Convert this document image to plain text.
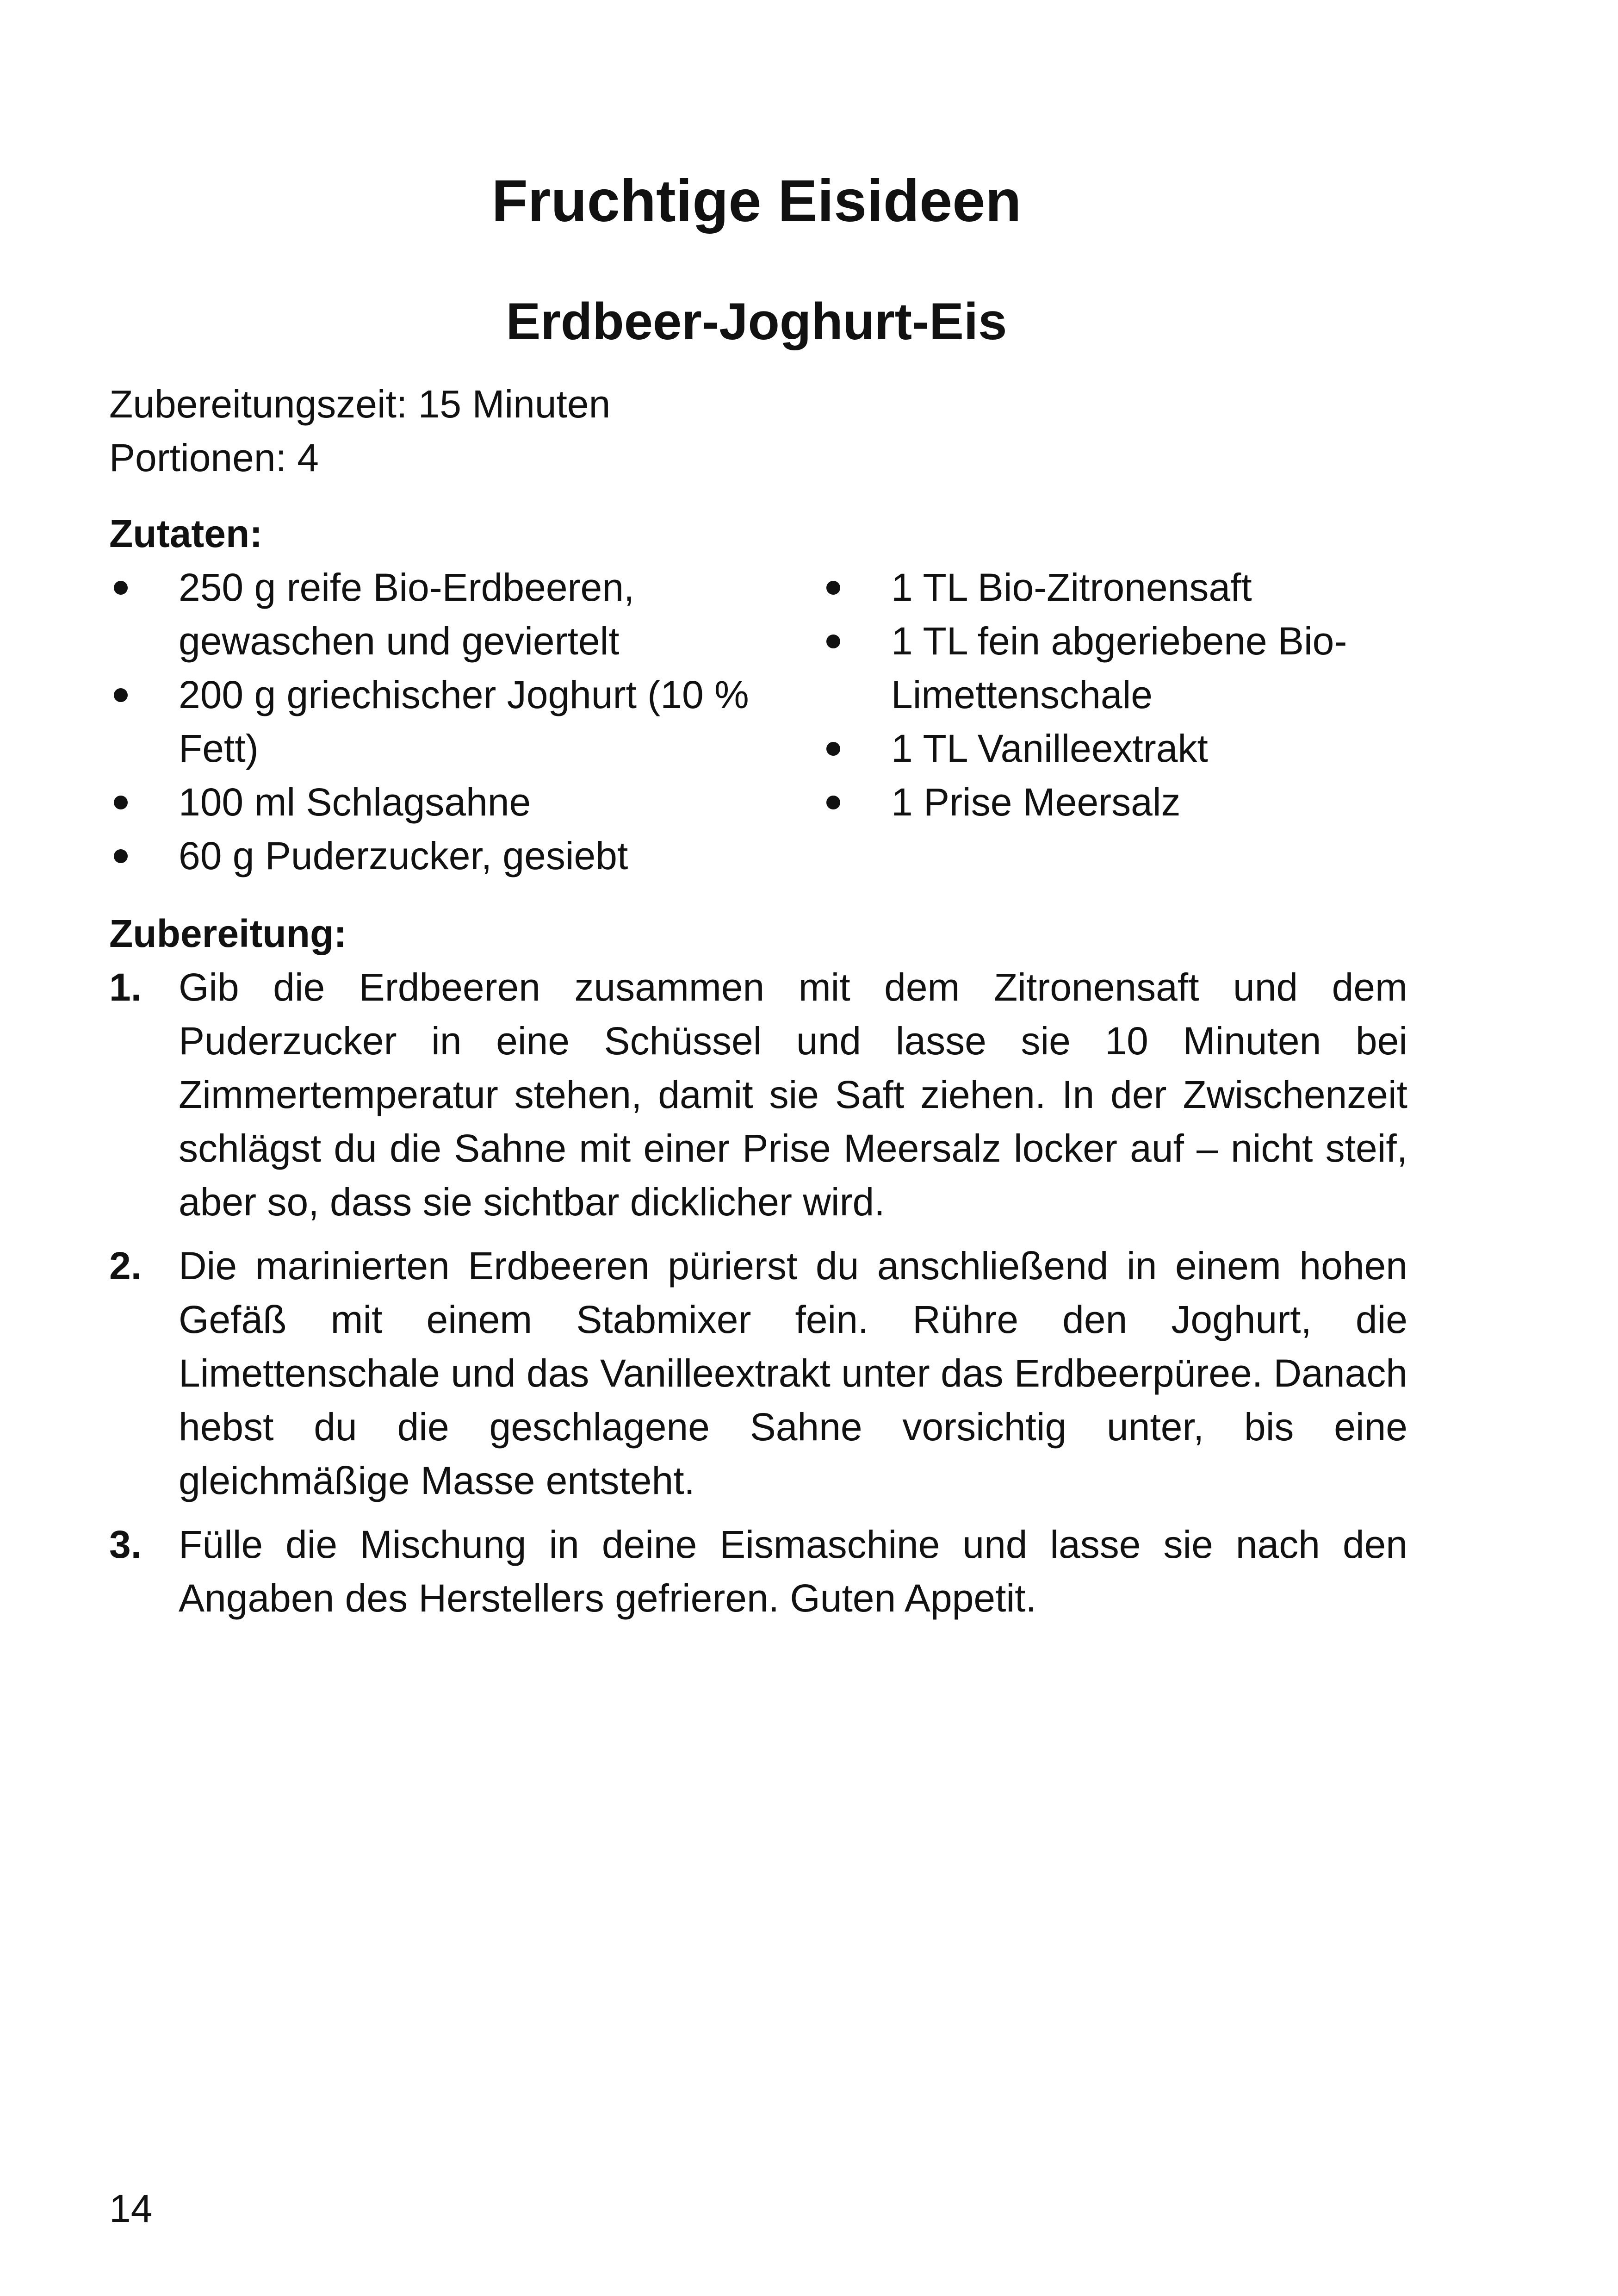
Fruchtige Eisideen
Erdbeer-Joghurt-Eis

Zubereitungszeit: 15 Minuten

Portionen: 4

Zutaten:

250 g reife Bio-Erdbeeren, gewaschen und geviertelt
200 g griechischer Joghurt (10 % Fett)
100 ml Schlagsahne
60 g Puderzucker, gesiebt
1 TL Bio-Zitronensaft
1 TL fein abgeriebene Bio-Limettenschale
1 TL Vanilleextrakt
1 Prise Meersalz

Zubereitung:

1. Gib die Erdbeeren zusammen mit dem Zitronensaft und dem Puderzucker in eine Schüssel und lasse sie 10 Minuten bei Zimmertemperatur stehen, damit sie Saft ziehen. In der Zwischenzeit schlägst du die Sahne mit einer Prise Meersalz locker auf – nicht steif, aber so, dass sie sichtbar dicklicher wird.
2. Die marinierten Erdbeeren pürierst du anschließend in einem hohen Gefäß mit einem Stabmixer fein. Rühre den Joghurt, die Limettenschale und das Vanilleextrakt unter das Erdbeerpüree. Danach hebst du die geschlagene Sahne vorsichtig unter, bis eine gleichmäßige Masse entsteht.
3. Fülle die Mischung in deine Eismaschine und lasse sie nach den Angaben des Herstellers gefrieren. Guten Appetit.

14
